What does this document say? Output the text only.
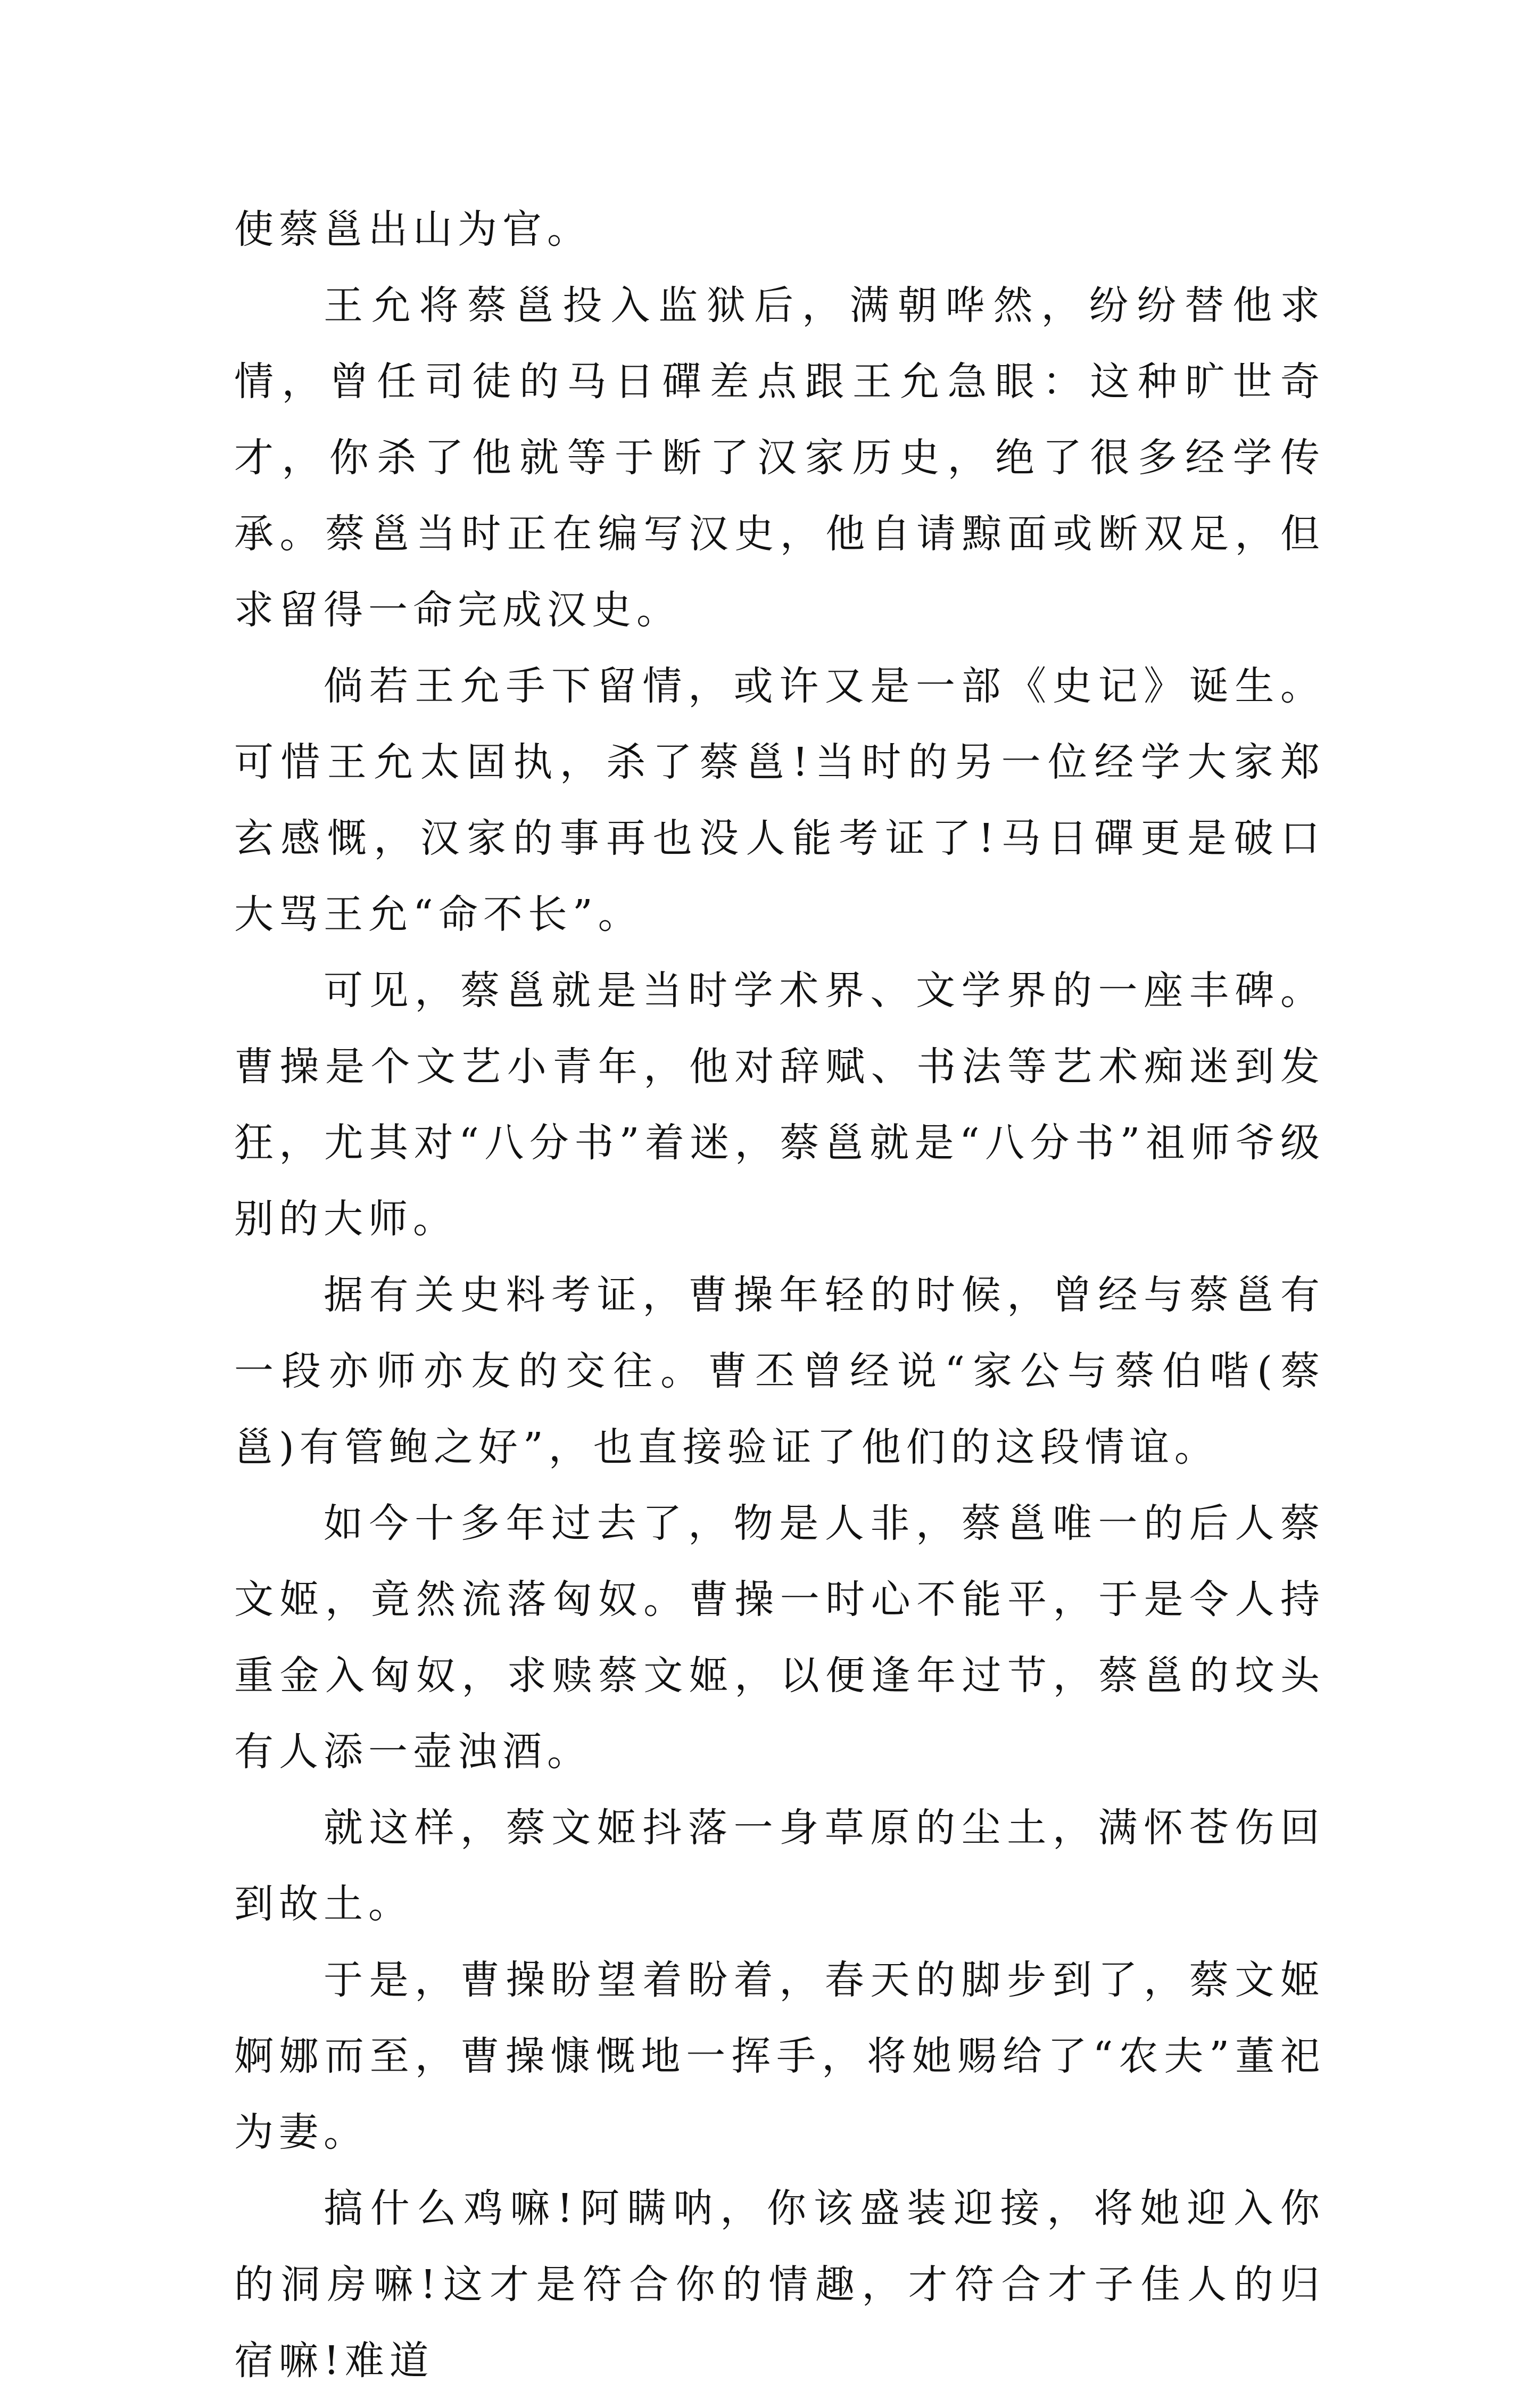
使蔡邕出山为官。

王允将蔡邕投入监狱后，满朝哗然，纷纷替他求情，曾任司徒的马日磾差点跟王允急眼：这种旷世奇才，你杀了他就等于断了汉家历史，绝了很多经学传承。蔡邕当时正在编写汉史，他自请黥面或断双足，但求留得一命完成汉史。

倘若王允手下留情，或许又是一部《史记》诞生。可惜王允太固执，杀了蔡邕!当时的另一位经学大家郑玄感慨，汉家的事再也没人能考证了!马日磾更是破口大骂王允“命不长”。

可见，蔡邕就是当时学术界、文学界的一座丰碑。曹操是个文艺小青年，他对辞赋、书法等艺术痴迷到发狂，尤其对“八分书”着迷，蔡邕就是“八分书”祖师爷级别的大师。

据有关史料考证，曹操年轻的时候，曾经与蔡邕有一段亦师亦友的交往。曹丕曾经说“家公与蔡伯喈(蔡邕)有管鲍之好”，也直接验证了他们的这段情谊。

如今十多年过去了，物是人非，蔡邕唯一的后人蔡文姬，竟然流落匈奴。曹操一时心不能平，于是令人持重金入匈奴，求赎蔡文姬，以便逢年过节，蔡邕的坟头有人添一壶浊酒。

就这样，蔡文姬抖落一身草原的尘土，满怀苍伤回到故土。

于是，曹操盼望着盼着，春天的脚步到了，蔡文姬婀娜而至，曹操慷慨地一挥手，将她赐给了“农夫”董祀为妻。

搞什么鸡嘛!阿瞒呐，你该盛装迎接，将她迎入你的洞房嘛!这才是符合你的情趣，才符合才子佳人的归宿嘛!难道
